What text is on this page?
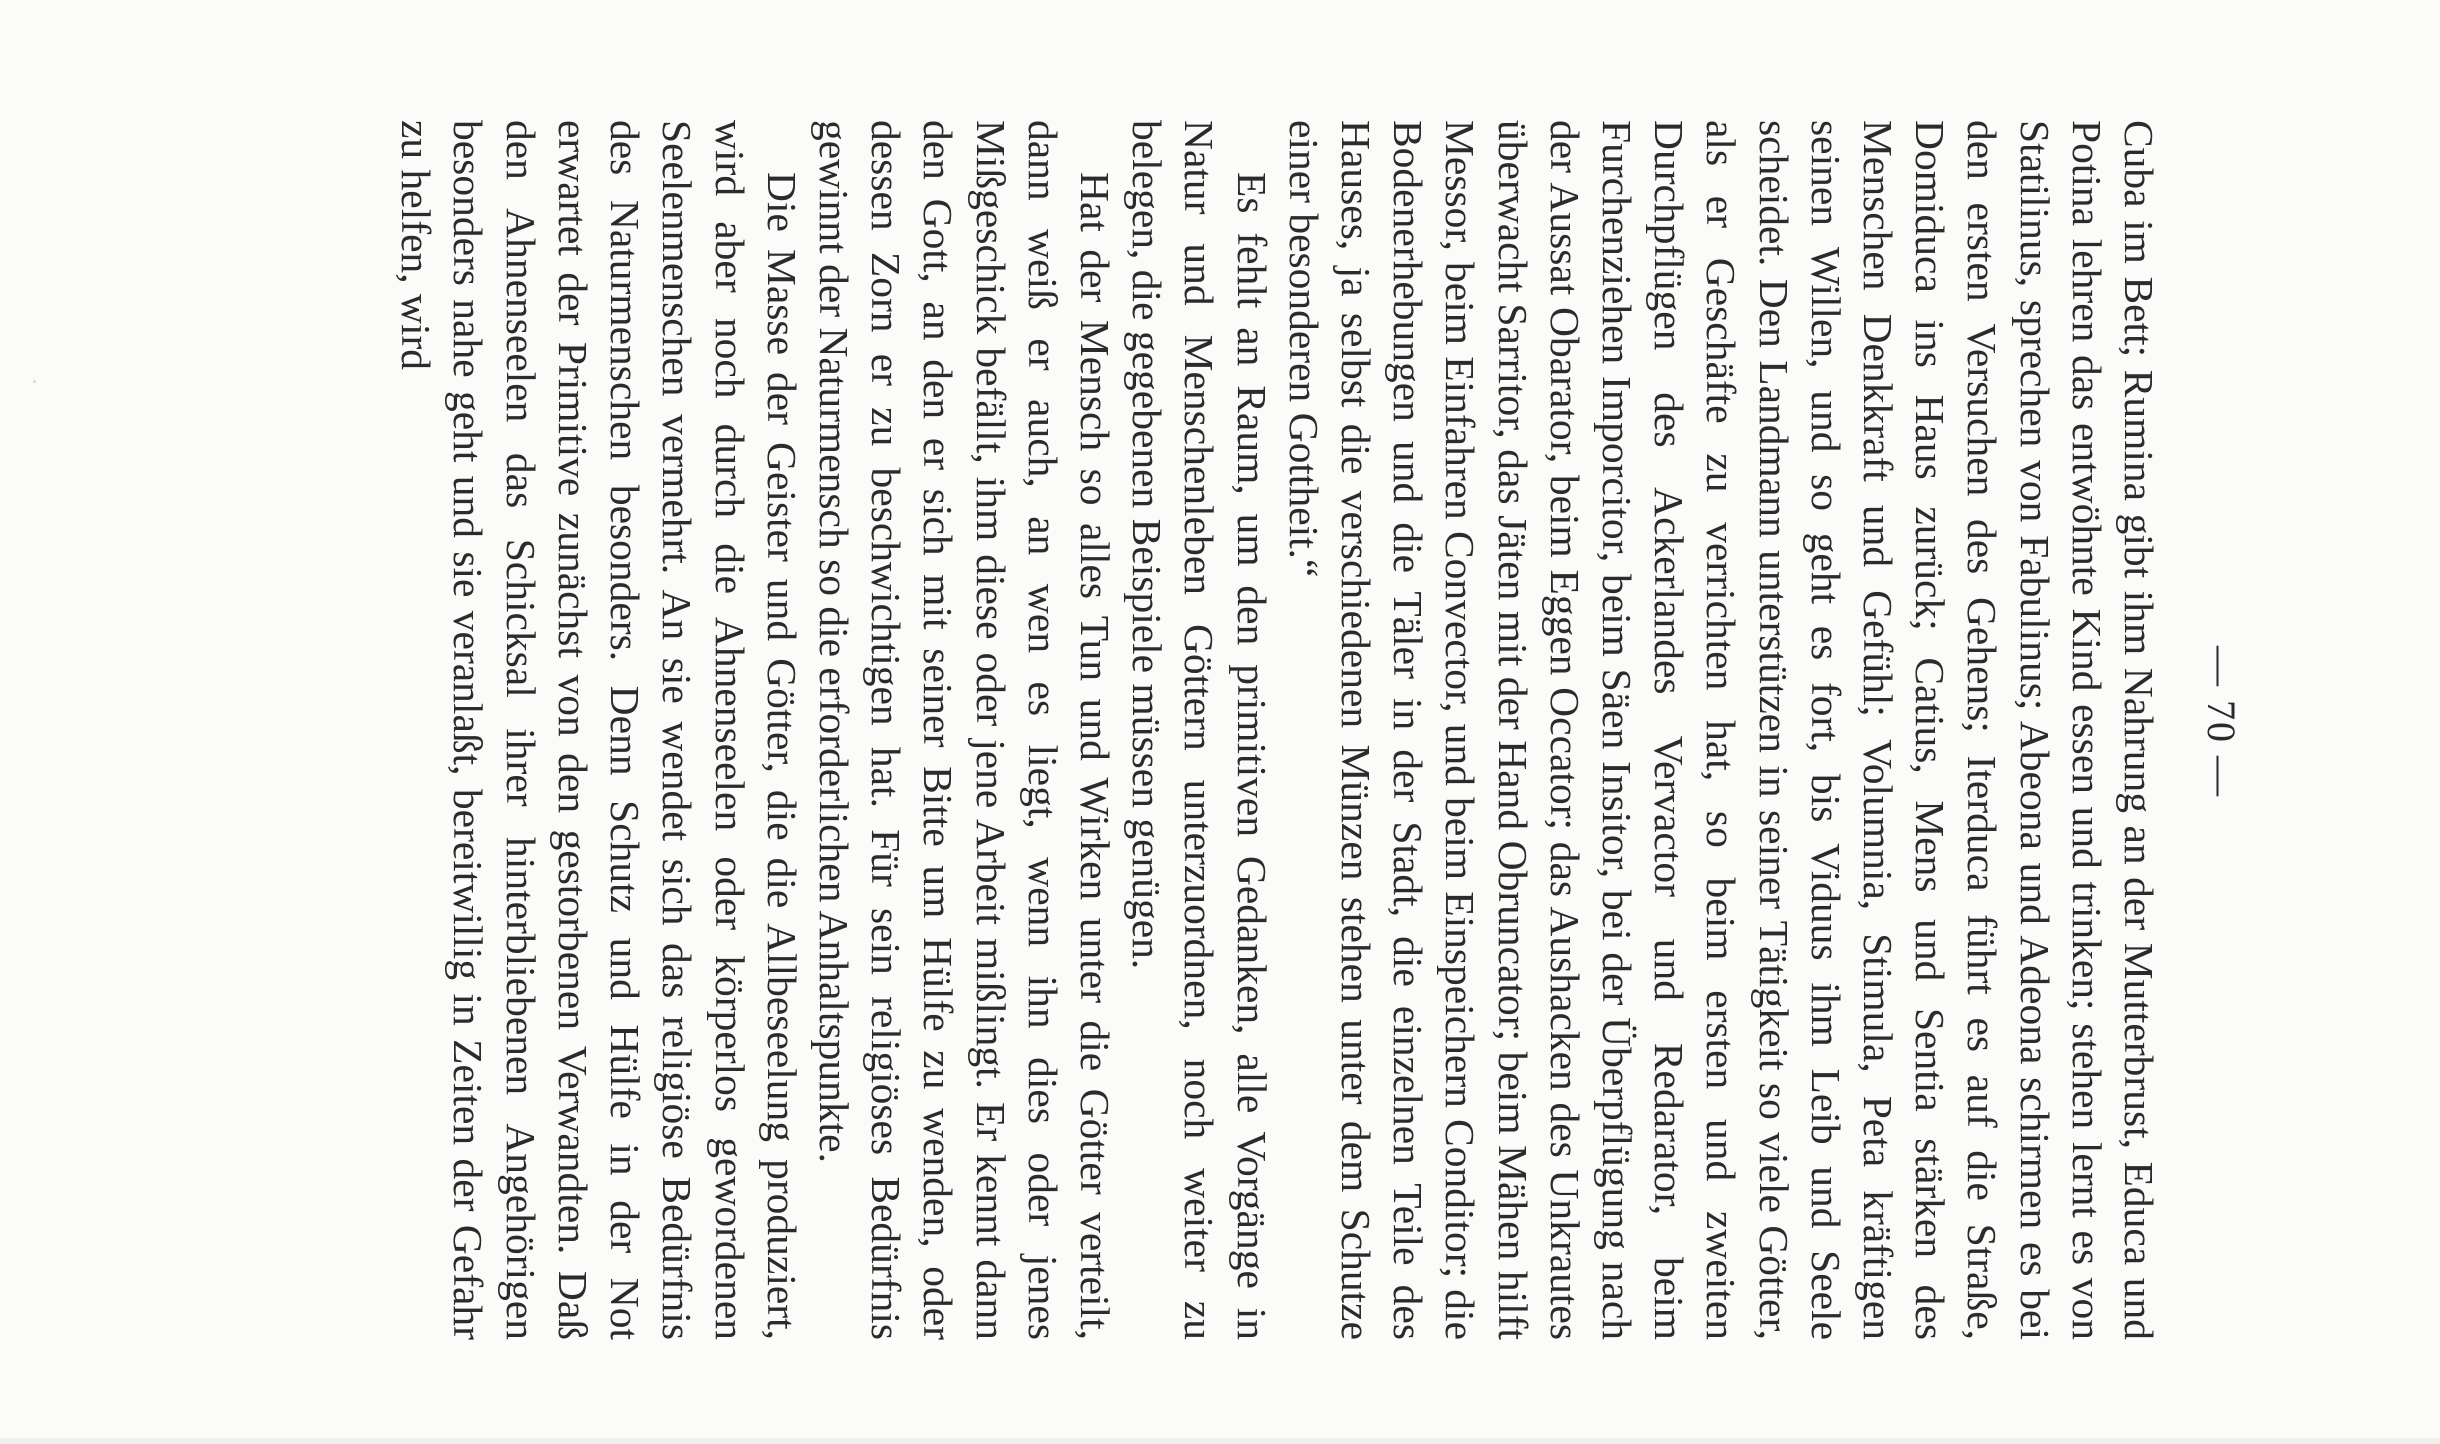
— 70 —

Cuba im Bett; Rumina gibt ihm Nahrung an der Mutterbrust, Educa und Potina lehren das entwöhnte Kind essen und trinken; stehen lernt es von Statilinus, sprechen von Fabulinus; Abeona und Adeona schirmen es bei den ersten Versuchen des Gehens; Iterduca führt es auf die Straße, Domiduca ins Haus zurück; Catius, Mens und Sentia stärken des Menschen Denkkraft und Gefühl; Volumnia, Stimula, Peta kräftigen seinen Willen, und so geht es fort, bis Viduus ihm Leib und Seele scheidet. Den Landmann unterstützen in seiner Tätigkeit so viele Götter, als er Geschäfte zu verrichten hat, so beim ersten und zweiten Durchpflügen des Ackerlandes Vervactor und Redarator, beim Furchenziehen Imporcitor, beim Säen Insitor, bei der Überpflügung nach der Aussat Obarator, beim Eggen Occator; das Aushacken des Unkrautes überwacht Sarritor, das Jäten mit der Hand Obruncator; beim Mähen hilft Messor, beim Einfahren Convector, und beim Einspeichern Conditor; die Bodenerhebungen und die Täler in der Stadt, die einzelnen Teile des Hauses, ja selbst die verschiedenen Münzen stehen unter dem Schutze einer besonderen Gottheit.“

Es fehlt an Raum, um den primitiven Gedanken, alle Vorgänge in Natur und Menschenleben Göttern unterzuordnen, noch weiter zu belegen, die gegebenen Beispiele müssen genügen.

Hat der Mensch so alles Tun und Wirken unter die Götter verteilt, dann weiß er auch, an wen es liegt, wenn ihn dies oder jenes Mißgeschick befällt, ihm diese oder jene Arbeit mißlingt. Er kennt dann den Gott, an den er sich mit seiner Bitte um Hülfe zu wenden, oder dessen Zorn er zu beschwichtigen hat. Für sein religiöses Bedürfnis gewinnt der Naturmensch so die erforderlichen Anhaltspunkte.

Die Masse der Geister und Götter, die die Allbeseelung produziert, wird aber noch durch die Ahnenseelen oder körperlos gewordenen Seelenmenschen vermehrt. An sie wendet sich das religiöse Bedürfnis des Naturmenschen besonders. Denn Schutz und Hülfe in der Not erwartet der Primitive zunächst von den gestorbenen Verwandten. Daß den Ahnenseelen das Schicksal ihrer hinterbliebenen Angehörigen besonders nahe geht und sie veranlaßt, bereitwillig in Zeiten der Gefahr zu helfen, wird
